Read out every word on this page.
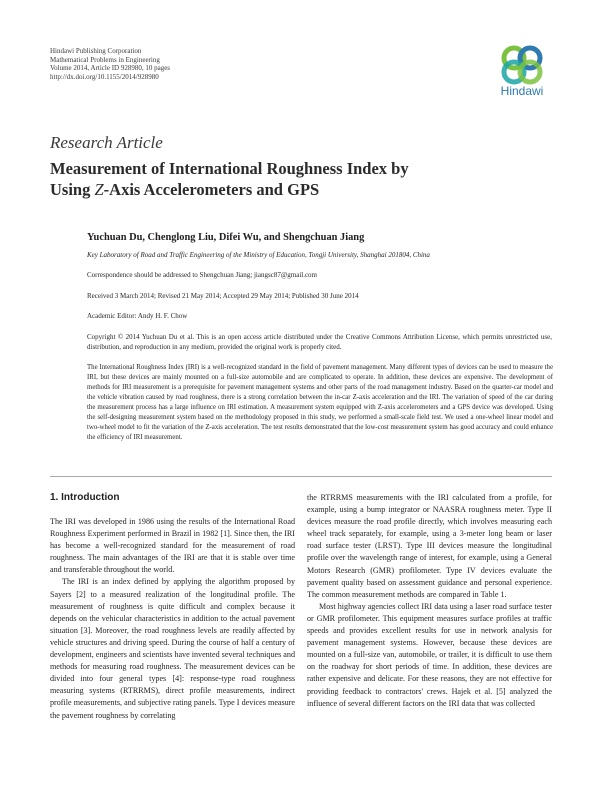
Hindawi Publishing Corporation
Mathematical Problems in Engineering
Volume 2014, Article ID 928980, 10 pages
http://dx.doi.org/10.1155/2014/928980
Hindawi
Research Article
Measurement of International Roughness Index by
Using Z-Axis Accelerometers and GPS
Yuchuan Du, Chenglong Liu, Difei Wu, and Shengchuan Jiang
Key Laboratory of Road and Traffic Engineering of the Ministry of Education, Tongji University, Shanghai 201804, China
Correspondence should be addressed to Shengchuan Jiang; jiangsc87@gmail.com
Received 3 March 2014; Revised 21 May 2014; Accepted 29 May 2014; Published 30 June 2014
Academic Editor: Andy H. F. Chow

Copyright © 2014 Yuchuan Du et al. This is an open access article distributed under the Creative Commons Attribution License, which permits unrestricted use, distribution, and reproduction in any medium, provided the original work is properly cited.

The International Roughness Index (IRI) is a well-recognized standard in the field of pavement management. Many different types of devices can be used to measure the IRI, but these devices are mainly mounted on a full-size automobile and are complicated to operate. In addition, these devices are expensive. The development of methods for IRI measurement is a prerequisite for pavement management systems and other parts of the road management industry. Based on the quarter-car model and the vehicle vibration caused by road roughness, there is a strong correlation between the in-car Z-axis acceleration and the IRI. The variation of speed of the car during the measurement process has a large influence on IRI estimation. A measurement system equipped with Z-axis accelerometers and a GPS device was developed. Using the self-designing measurement system based on the methodology proposed in this study, we performed a small-scale field test. We used a one-wheel linear model and two-wheel model to fit the variation of the Z-axis acceleration. The test results demonstrated that the low-cost measurement system has good accuracy and could enhance the efficiency of IRI measurement.

1. Introduction

The IRI was developed in 1986 using the results of the International Road Roughness Experiment performed in Brazil in 1982 [1]. Since then, the IRI has become a well-recognized standard for the measurement of road roughness. The main advantages of the IRI are that it is stable over time and transferable throughout the world.

The IRI is an index defined by applying the algorithm proposed by Sayers [2] to a measured realization of the longitudinal profile. The measurement of roughness is quite difficult and complex because it depends on the vehicular characteristics in addition to the actual pavement situation [3]. Moreover, the road roughness levels are readily affected by vehicle structures and driving speed. During the course of half a century of development, engineers and scientists have invented several techniques and methods for measuring road roughness. The measurement devices can be divided into four general types [4]: response-type road roughness measuring systems (RTRRMS), direct profile measurements, indirect profile measurements, and subjective rating panels. Type I devices measure the pavement roughness by correlating

the RTRRMS measurements with the IRI calculated from a profile, for example, using a bump integrator or NAASRA roughness meter. Type II devices measure the road profile directly, which involves measuring each wheel track separately, for example, using a 3-meter long beam or laser road surface tester (LRST). Type III devices measure the longitudinal profile over the wavelength range of interest, for example, using a General Motors Research (GMR) profilometer. Type IV devices evaluate the pavement quality based on assessment guidance and personal experience. The common measurement methods are compared in Table 1.

Most highway agencies collect IRI data using a laser road surface tester or GMR profilometer. This equipment measures surface profiles at traffic speeds and provides excellent results for use in network analysis for pavement management systems. However, because these devices are mounted on a full-size van, automobile, or trailer, it is difficult to use them on the roadway for short periods of time. In addition, these devices are rather expensive and delicate. For these reasons, they are not effective for providing feedback to contractors' crews. Hajek et al. [5] analyzed the influence of several different factors on the IRI data that was collected
